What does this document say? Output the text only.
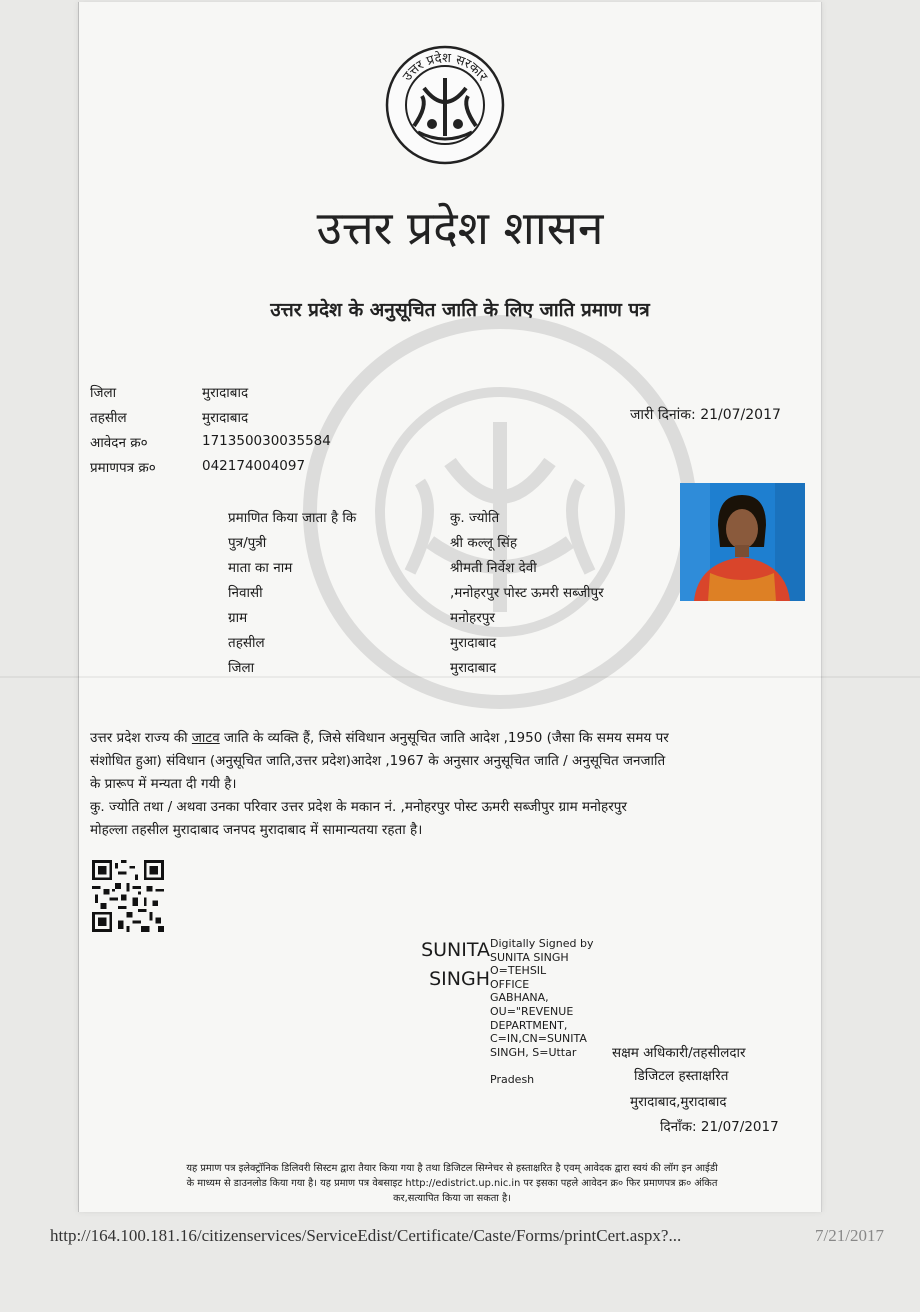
उत्तर प्रदेश सरकार
उत्तर प्रदेश शासन
उत्तर प्रदेश के अनुसूचित जाति के लिए जाति प्रमाण पत्र
जिला	मुरादाबाद
तहसील	मुरादाबाद
आवेदन क्र०	171350030035584
प्रमाणपत्र क्र०	042174004097
जारी दिनांक: 21/07/2017
प्रमाणित किया जाता है कि	कु. ज्योति
पुत्र/पुत्री	श्री कल्लू सिंह
माता का नाम	श्रीमती निर्वेश देवी
निवासी	,मनोहरपुर पोस्ट ऊमरी सब्जीपुर
ग्राम	मनोहरपुर
तहसील	मुरादाबाद
जिला	मुरादाबाद
उत्तर प्रदेश राज्य की जाटव जाति के व्यक्ति हैं, जिसे संविधान अनुसूचित जाति आदेश ,1950 (जैसा कि समय समय पर
संशोधित हुआ) संविधान (अनुसूचित जाति,उत्तर प्रदेश)आदेश ,1967 के अनुसार अनुसूचित जाति / अनुसूचित जनजाति
के प्रारूप में मन्यता दी गयी है।
कु. ज्योति तथा / अथवा उनका परिवार उत्तर प्रदेश के मकान नं. ,मनोहरपुर पोस्ट ऊमरी सब्जीपुर ग्राम मनोहरपुर
मोहल्ला तहसील मुरादाबाद जनपद मुरादाबाद में सामान्यतया रहता है।
SUNITA
SINGH
Digitally Signed by
SUNITA SINGH
O=TEHSIL
OFFICE
GABHANA,
OU="REVENUE
DEPARTMENT,
C=IN,CN=SUNITA
SINGH, S=Uttar
Pradesh
सक्षम अधिकारी/तहसीलदार
डिजिटल हस्ताक्षरित
मुरादाबाद,मुरादाबाद
दिनाँक: 21/07/2017
यह प्रमाण पत्र इलेक्ट्रॉनिक डिलिवरी सिस्टम द्वारा तैयार किया गया है तथा डिजिटल सिग्नेचर से हस्ताक्षरित है एवम् आवेदक द्वारा स्वयं की लॉग इन आईडी
के माध्यम से डाउनलोड किया गया है। यह प्रमाण पत्र वेबसाइट http://edistrict.up.nic.in पर इसका पहले आवेदन क्र० फिर प्रमाणपत्र क्र० अंकित
कर,सत्यापित किया जा सकता है।
http://164.100.181.16/citizenservices/ServiceEdist/Certificate/Caste/Forms/printCert.aspx?...	7/21/2017
